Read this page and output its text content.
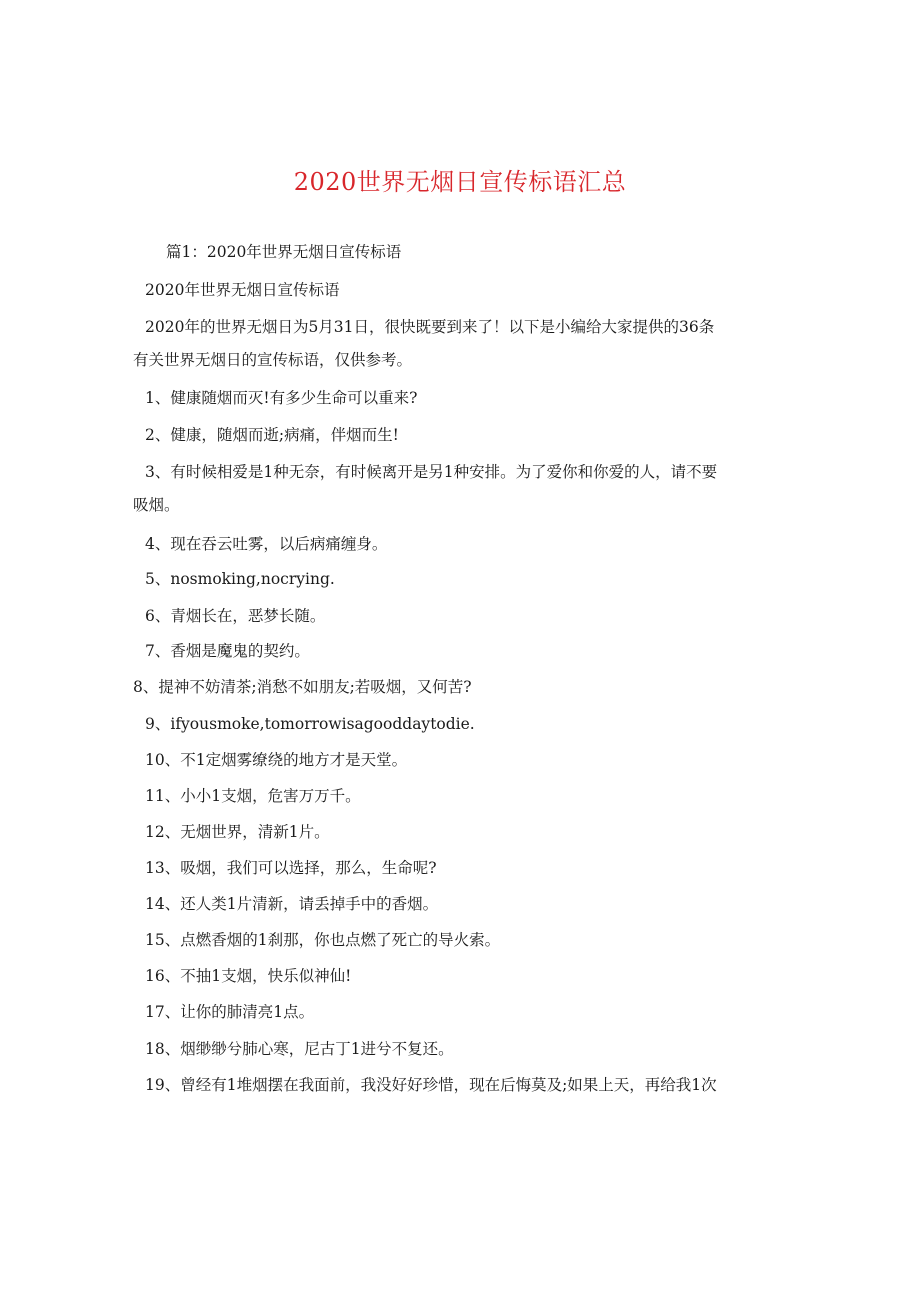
2020世界无烟日宣传标语汇总
篇1：2020年世界无烟日宣传标语
2020年世界无烟日宣传标语
2020年的世界无烟日为5月31日，很快既要到来了！以下是小编给大家提供的36条
有关世界无烟日的宣传标语，仅供参考。
1、健康随烟而灭!有多少生命可以重来?
2、健康，随烟而逝;病痛，伴烟而生!
3、有时候相爱是1种无奈，有时候离开是另1种安排。为了爱你和你爱的人，请不要
吸烟。
4、现在吞云吐雾，以后病痛缠身。
5、nosmoking,nocrying.
6、青烟长在，恶梦长随。
7、香烟是魔鬼的契约。
8、提神不妨清茶;消愁不如朋友;若吸烟，又何苦?
9、ifyousmoke,tomorrowisagooddaytodie.
10、不1定烟雾缭绕的地方才是天堂。
11、小小1支烟，危害万万千。
12、无烟世界，清新1片。
13、吸烟，我们可以选择，那么，生命呢?
14、还人类1片清新，请丢掉手中的香烟。
15、点燃香烟的1刹那，你也点燃了死亡的导火索。
16、不抽1支烟，快乐似神仙!
17、让你的肺清亮1点。
18、烟缈缈兮肺心寒，尼古丁1进兮不复还。
19、曾经有1堆烟摆在我面前，我没好好珍惜，现在后悔莫及;如果上天，再给我1次
